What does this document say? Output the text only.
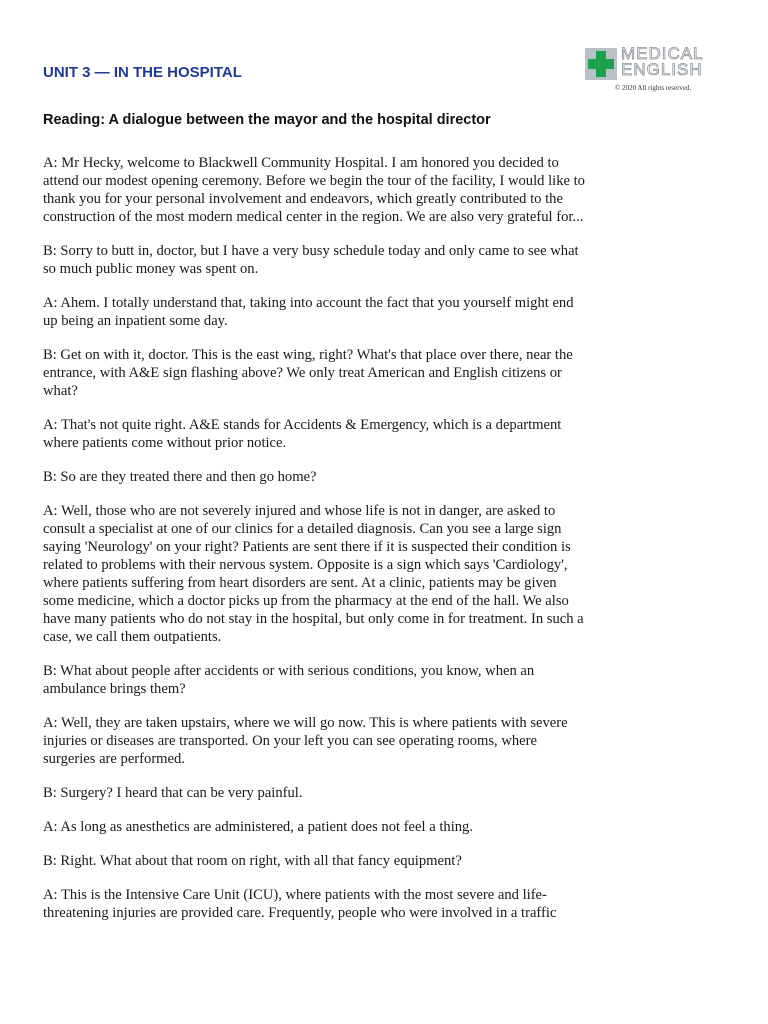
UNIT 3 — IN THE HOSPITAL
MEDICAL
ENGLISH
© 2020 All rights reserved.
Reading: A dialogue between the mayor and the hospital director

A: Mr Hecky, welcome to Blackwell Community Hospital. I am honored you decided to attend our modest opening ceremony. Before we begin the tour of the facility, I would like to thank you for your personal involvement and endeavors, which greatly contributed to the construction of the most modern medical center in the region. We are also very grateful for...

B: Sorry to butt in, doctor, but I have a very busy schedule today and only came to see what so much public money was spent on.

A: Ahem. I totally understand that, taking into account the fact that you yourself might end up being an inpatient some day.

B: Get on with it, doctor. This is the east wing, right? What's that place over there, near the entrance, with A&E sign flashing above? We only treat American and English citizens or what?

A: That's not quite right. A&E stands for Accidents & Emergency, which is a department where patients come without prior notice.

B: So are they treated there and then go home?

A: Well, those who are not severely injured and whose life is not in danger, are asked to consult a specialist at one of our clinics for a detailed diagnosis. Can you see a large sign saying 'Neurology' on your right? Patients are sent there if it is suspected their condition is related to problems with their nervous system. Opposite is a sign which says 'Cardiology', where patients suffering from heart disorders are sent. At a clinic, patients may be given some medicine, which a doctor picks up from the pharmacy at the end of the hall. We also have many patients who do not stay in the hospital, but only come in for treatment. In such a case, we call them outpatients.

B: What about people after accidents or with serious conditions, you know, when an ambulance brings them?

A: Well, they are taken upstairs, where we will go now. This is where patients with severe injuries or diseases are transported. On your left you can see operating rooms, where surgeries are performed.

B: Surgery? I heard that can be very painful.

A: As long as anesthetics are administered, a patient does not feel a thing.

B: Right. What about that room on right, with all that fancy equipment?

A: This is the Intensive Care Unit (ICU), where patients with the most severe and life-threatening injuries are provided care. Frequently, people who were involved in a traffic
